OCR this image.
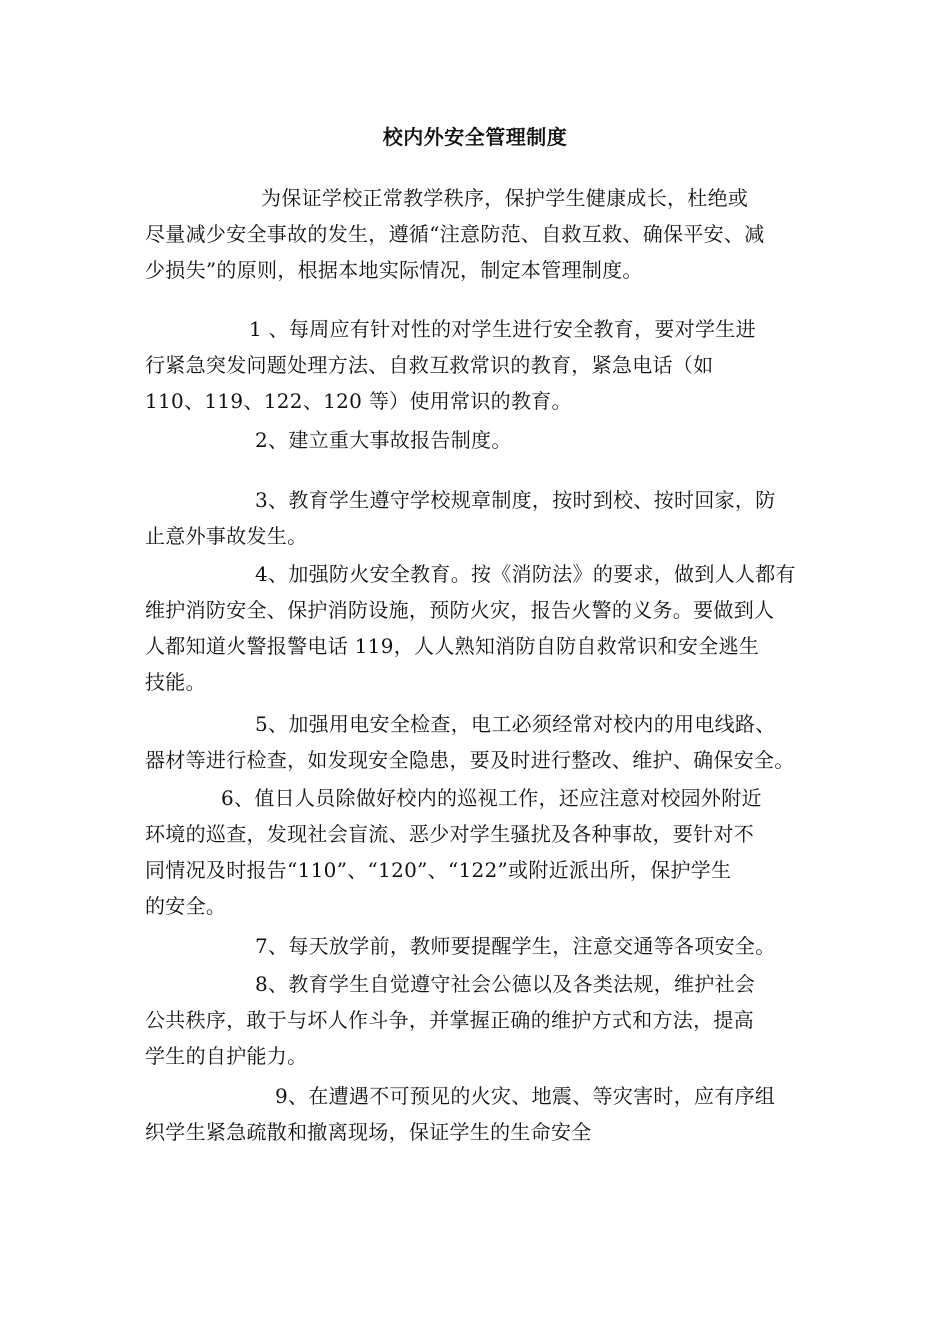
校内外安全管理制度

为保证学校正常教学秩序，保护学生健康成长，杜绝或
尽量减少安全事故的发生，遵循“注意防范、自救互救、确保平安、减
少损失”的原则，根据本地实际情况，制定本管理制度。

1 、每周应有针对性的对学生进行安全教育，要对学生进
行紧急突发问题处理方法、自救互救常识的教育，紧急电话（如
110、119、122、120 等）使用常识的教育。

2、建立重大事故报告制度。

3、教育学生遵守学校规章制度，按时到校、按时回家，防
止意外事故发生。

4、加强防火安全教育。按《消防法》的要求，做到人人都有
维护消防安全、保护消防设施，预防火灾，报告火警的义务。要做到人
人都知道火警报警电话 119，人人熟知消防自防自救常识和安全逃生
技能。

5、加强用电安全检查，电工必须经常对校内的用电线路、
器材等进行检查，如发现安全隐患，要及时进行整改、维护、确保安全。

6、值日人员除做好校内的巡视工作，还应注意对校园外附近
环境的巡查，发现社会盲流、恶少对学生骚扰及各种事故，要针对不
同情况及时报告“110”、“120”、“122”或附近派出所，保护学生
的安全。

7、每天放学前，教师要提醒学生，注意交通等各项安全。

8、教育学生自觉遵守社会公德以及各类法规，维护社会
公共秩序，敢于与坏人作斗争，并掌握正确的维护方式和方法，提高
学生的自护能力。

9、在遭遇不可预见的火灾、地震、等灾害时，应有序组
织学生紧急疏散和撤离现场，保证学生的生命安全
